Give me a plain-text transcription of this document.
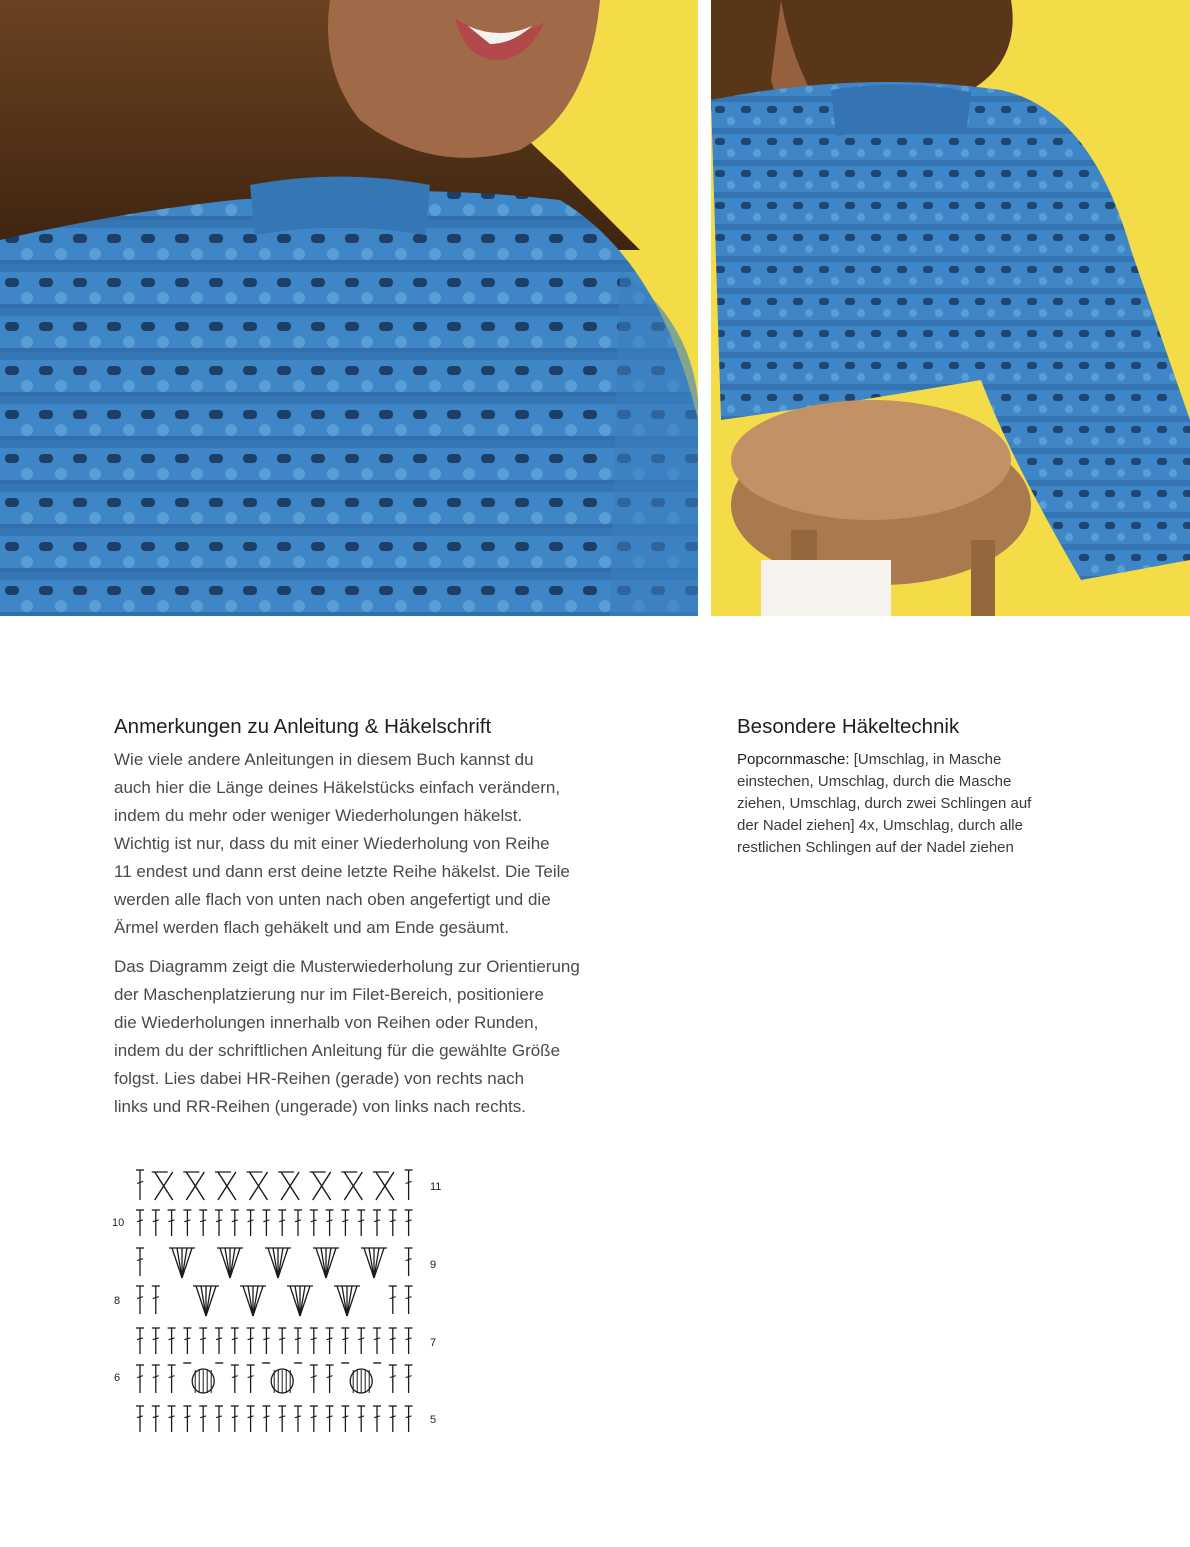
Anmerkungen zu Anleitung & Häkelschrift

Wie viele andere Anleitungen in diesem Buch kannst du
auch hier die Länge deines Häkelstücks einfach verändern,
indem du mehr oder weniger Wiederholungen häkelst.
Wichtig ist nur, dass du mit einer Wiederholung von Reihe
11 endest und dann erst deine letzte Reihe häkelst. Die Teile
werden alle flach von unten nach oben angefertigt und die
Ärmel werden flach gehäkelt und am Ende gesäumt.

Das Diagramm zeigt die Musterwiederholung zur Orientierung
der Maschenplatzierung nur im Filet-Bereich, positioniere
die Wiederholungen innerhalb von Reihen oder Runden,
indem du der schriftlichen Anleitung für die gewählte Größe
folgst. Lies dabei HR-Reihen (gerade) von rechts nach
links und RR-Reihen (ungerade) von links nach rechts.

Besondere Häkeltechnik

Popcornmasche: [Umschlag, in Masche
einstechen, Umschlag, durch die Masche
ziehen, Umschlag, durch zwei Schlingen auf
der Nadel ziehen] 4x, Umschlag, durch alle
restlichen Schlingen auf der Nadel ziehen

11
10
9
8
7
6
5
